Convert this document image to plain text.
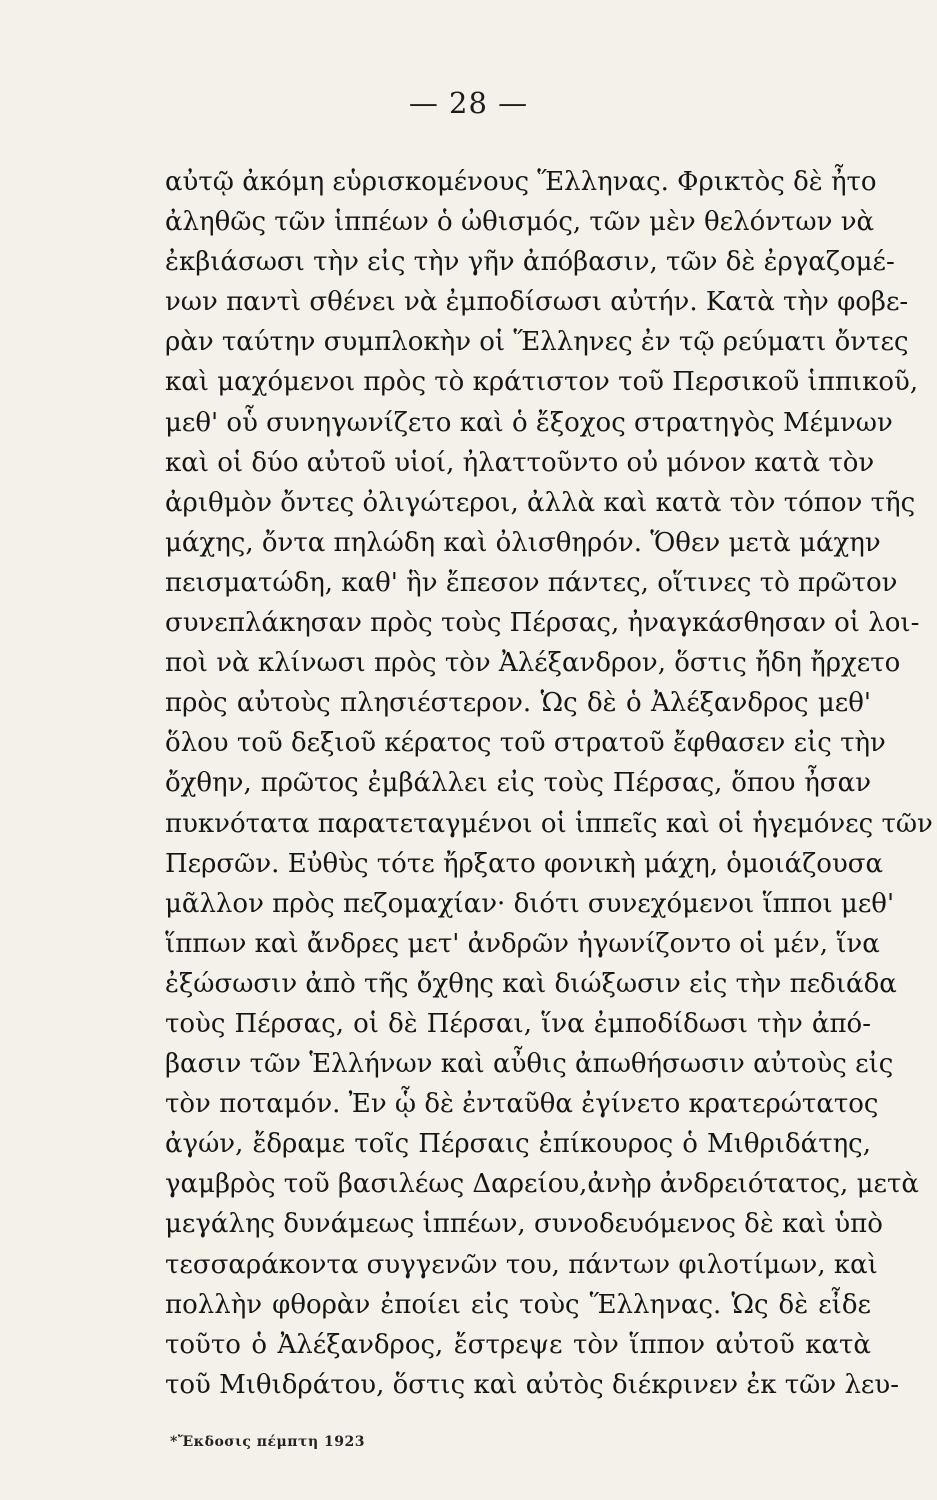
— 28 —
αὐτῷ ἀκόμη εὑρισκομένους Ἕλληνας. Φρικτὸς δὲ ἦτο
ἀληθῶς τῶν ἱππέων ὁ ὠθισμός, τῶν μὲν θελόντων νὰ
ἐκβιάσωσι τὴν εἰς τὴν γῆν ἀπόβασιν, τῶν δὲ ἐργαζομέ-
νων παντὶ σθένει νὰ ἐμποδίσωσι αὐτήν. Κατὰ τὴν φοβε-
ρὰν ταύτην συμπλοκὴν οἱ Ἕλληνες ἐν τῷ ρεύματι ὄντες
καὶ μαχόμενοι πρὸς τὸ κράτιστον τοῦ Περσικοῦ ἱππικοῦ,
μεθ' οὗ συνηγωνίζετο καὶ ὁ ἔξοχος στρατηγὸς Μέμνων
καὶ οἱ δύο αὐτοῦ υἱοί, ἠλαττοῦντο οὐ μόνον κατὰ τὸν
ἀριθμὸν ὄντες ὀλιγώτεροι, ἀλλὰ καὶ κατὰ τὸν τόπον τῆς
μάχης, ὄντα πηλώδη καὶ ὀλισθηρόν. Ὅθεν μετὰ μάχην
πεισματώδη, καθ' ἣν ἔπεσον πάντες, οἵτινες τὸ πρῶτον
συνεπλάκησαν πρὸς τοὺς Πέρσας, ἠναγκάσθησαν οἱ λοι-
ποὶ νὰ κλίνωσι πρὸς τὸν Ἀλέξανδρον, ὅστις ἤδη ἤρχετο
πρὸς αὐτοὺς πλησιέστερον. Ὡς δὲ ὁ Ἀλέξανδρος μεθ'
ὅλου τοῦ δεξιοῦ κέρατος τοῦ στρατοῦ ἔφθασεν εἰς τὴν
ὄχθην, πρῶτος ἐμβάλλει εἰς τοὺς Πέρσας, ὅπου ἦσαν
πυκνότατα παρατεταγμένοι οἱ ἱππεῖς καὶ οἱ ἡγεμόνες τῶν
Περσῶν. Εὐθὺς τότε ἤρξατο φονικὴ μάχη, ὁμοιάζουσα
μᾶλλον πρὸς πεζομαχίαν· διότι συνεχόμενοι ἵπποι μεθ'
ἵππων καὶ ἄνδρες μετ' ἀνδρῶν ἠγωνίζοντο οἱ μέν, ἵνα
ἐξώσωσιν ἀπὸ τῆς ὄχθης καὶ διώξωσιν εἰς τὴν πεδιάδα
τοὺς Πέρσας, οἱ δὲ Πέρσαι, ἵνα ἐμποδίδωσι τὴν ἀπό-
βασιν τῶν Ἑλλήνων καὶ αὖθις ἀπωθήσωσιν αὐτοὺς εἰς
τὸν ποταμόν. Ἐν ᾧ δὲ ἐνταῦθα ἐγίνετο κρατερώτατος
ἀγών, ἔδραμε τοῖς Πέρσαις ἐπίκουρος ὁ Μιθριδάτης,
γαμβρὸς τοῦ βασιλέως Δαρείου,ἀνὴρ ἀνδρειότατος, μετὰ
μεγάλης δυνάμεως ἱππέων, συνοδευόμενος δὲ καὶ ὑπὸ
τεσσαράκοντα συγγενῶν του, πάντων φιλοτίμων, καὶ
πολλὴν φθορὰν ἐποίει εἰς τοὺς Ἕλληνας. Ὡς δὲ εἶδε
τοῦτο ὁ Ἀλέξανδρος, ἔστρεψε τὸν ἵππον αὐτοῦ κατὰ
τοῦ Μιθιδράτου, ὅστις καὶ αὐτὸς διέκρινεν ἐκ τῶν λευ-
*Ἔκδοσις πέμπτη 1923
